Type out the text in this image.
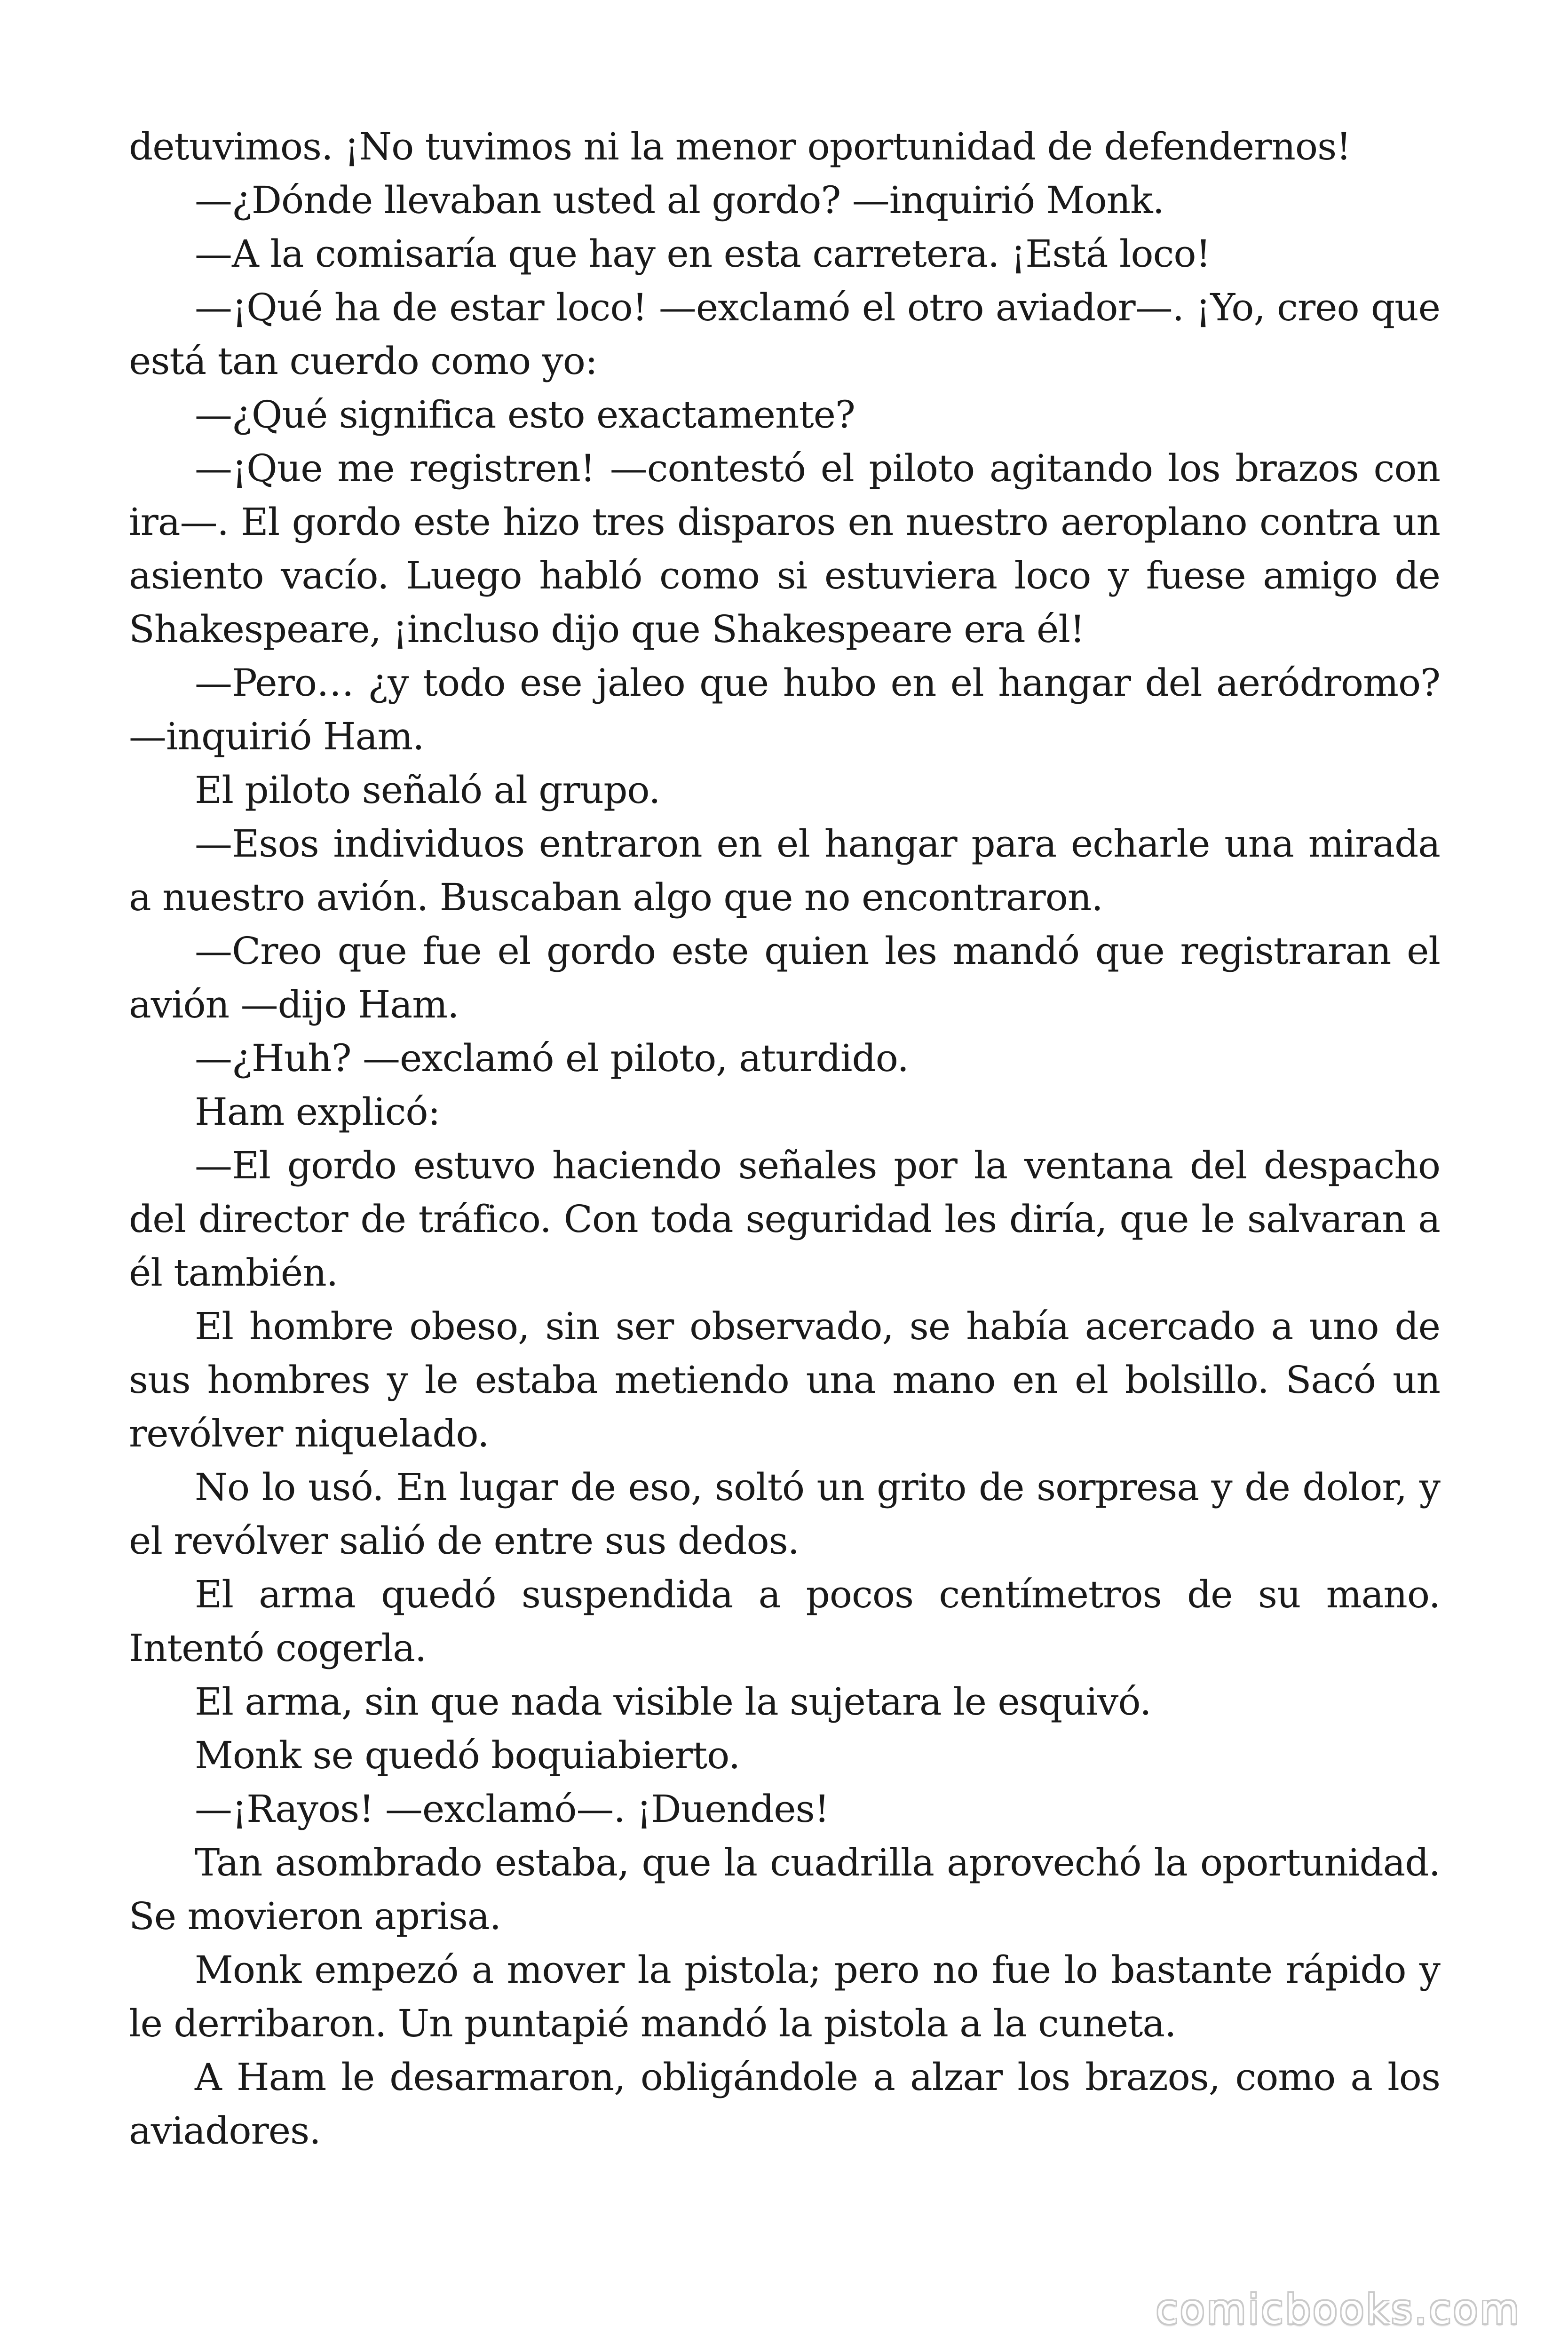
detuvimos. ¡No tuvimos ni la menor oportunidad de defendernos!

—¿Dónde llevaban usted al gordo? —inquirió Monk.

—A la comisaría que hay en esta carretera. ¡Está loco!

—¡Qué ha de estar loco! —exclamó el otro aviador—. ¡Yo, creo que está tan cuerdo como yo:

—¿Qué significa esto exactamente?

—¡Que me registren! —contestó el piloto agitando los brazos con ira—. El gordo este hizo tres disparos en nuestro aeroplano contra un asiento vacío. Luego habló como si estuviera loco y fuese amigo de Shakespeare, ¡incluso dijo que Shakespeare era él!

—Pero… ¿y todo ese jaleo que hubo en el hangar del aeródromo? —inquirió Ham.

El piloto señaló al grupo.

—Esos individuos entraron en el hangar para echarle una mirada a nuestro avión. Buscaban algo que no encontraron.

—Creo que fue el gordo este quien les mandó que registraran el avión —dijo Ham.

—¿Huh? —exclamó el piloto, aturdido.

Ham explicó:

—El gordo estuvo haciendo señales por la ventana del despacho del director de tráfico. Con toda seguridad les diría, que le salvaran a él también.

El hombre obeso, sin ser observado, se había acercado a uno de sus hombres y le estaba metiendo una mano en el bolsillo. Sacó un revólver niquelado.

No lo usó. En lugar de eso, soltó un grito de sorpresa y de dolor, y el revólver salió de entre sus dedos.

El arma quedó suspendida a pocos centímetros de su mano. Intentó cogerla.

El arma, sin que nada visible la sujetara le esquivó.

Monk se quedó boquiabierto.

—¡Rayos! —exclamó—. ¡Duendes!

Tan asombrado estaba, que la cuadrilla aprovechó la oportunidad. Se movieron aprisa.

Monk empezó a mover la pistola; pero no fue lo bastante rápido y le derribaron. Un puntapié mandó la pistola a la cuneta.

A Ham le desarmaron, obligándole a alzar los brazos, como a los aviadores.

comicbooks.com
